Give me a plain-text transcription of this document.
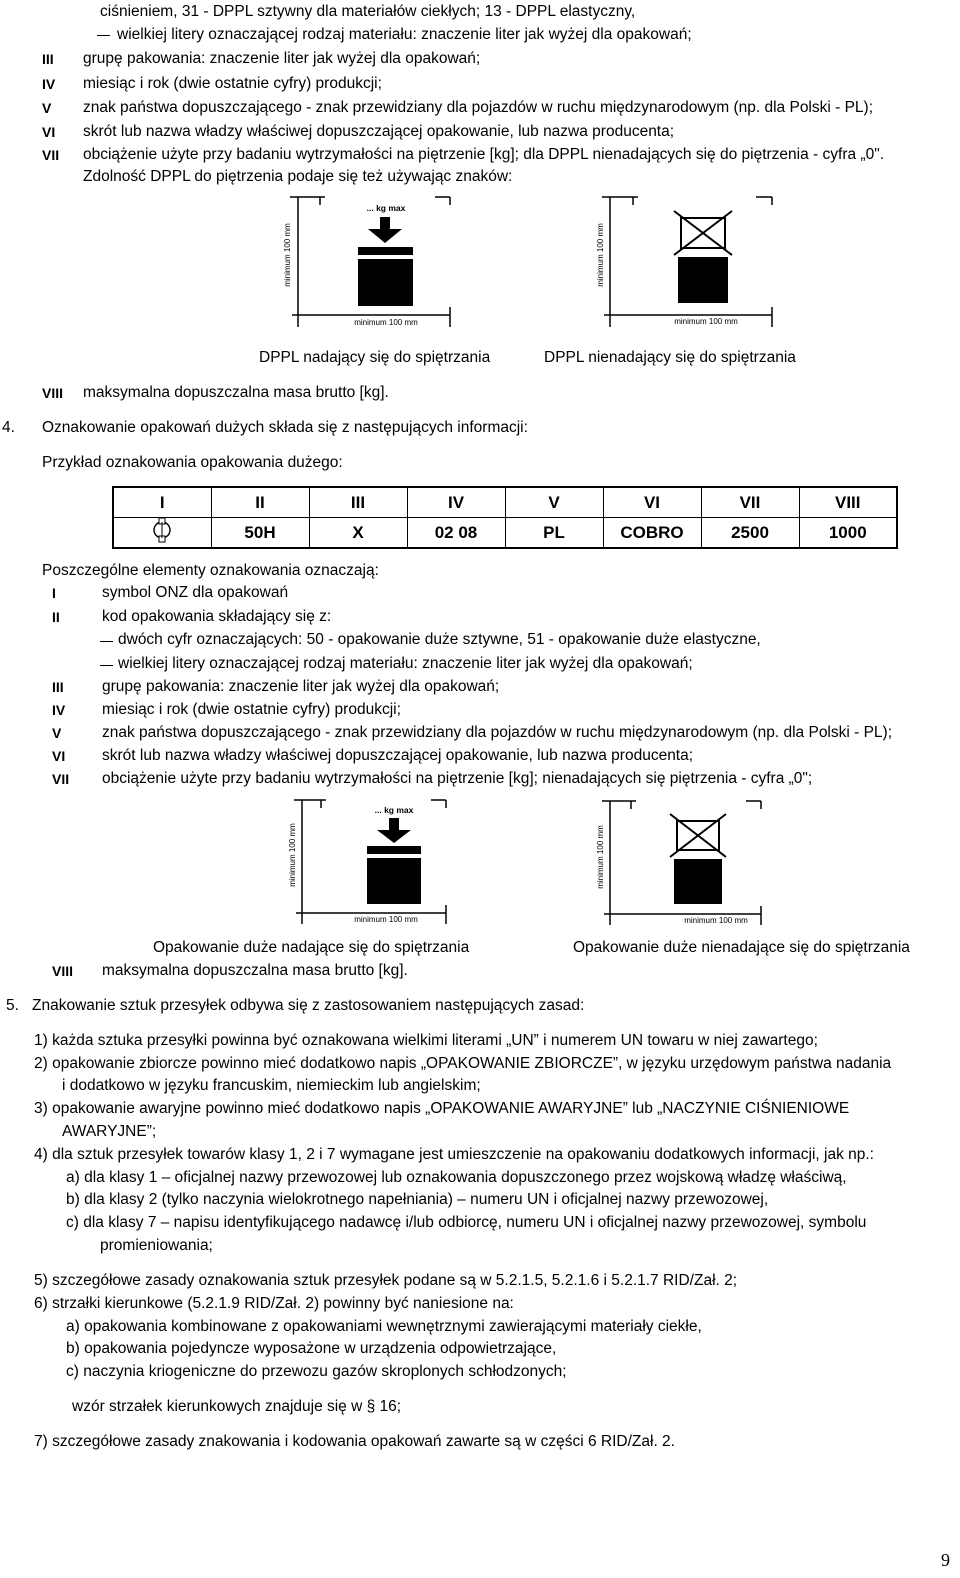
ciśnieniem, 31 - DPPL sztywny dla materiałów ciekłych; 13 - DPPL elastyczny,
wielkiej litery oznaczającej rodzaj materiału: znaczenie liter jak wyżej dla opakowań;
III grupę pakowania: znaczenie liter jak wyżej dla opakowań;
IV miesiąc i rok (dwie ostatnie cyfry) produkcji;
V znak państwa dopuszczającego - znak przewidziany dla pojazdów w ruchu międzynarodowym (np. dla Polski - PL);
VI skrót lub nazwa władzy właściwej dopuszczającej opakowanie, lub nazwa producenta;
VII obciążenie użyte przy badaniu wytrzymałości na piętrzenie [kg]; dla DPPL nienadających się do piętrzenia - cyfra „0".
Zdolność DPPL do piętrzenia podaje się też używając znaków:
... kg max
minimum 100 mm
minimum 100 mm
minimum 100 mm
minimum 100 mm
DPPL nadający się do spiętrzania	DPPL nienadający się do spiętrzania
VIII maksymalna dopuszczalna masa brutto [kg].
4. Oznakowanie opakowań dużych składa się z następujących informacji:
Przykład oznakowania opakowania dużego:
I	II	III	IV	V	VI	VII	VIII
	50H	X	02 08	PL	COBRO	2500	1000
Poszczególne elementy oznakowania oznaczają:
I	symbol ONZ dla opakowań
II	kod opakowania składający się z:
dwóch cyfr oznaczających: 50 - opakowanie duże sztywne, 51 - opakowanie duże elastyczne,
wielkiej litery oznaczającej rodzaj materiału: znaczenie liter jak wyżej dla opakowań;
III grupę pakowania: znaczenie liter jak wyżej dla opakowań;
IV miesiąc i rok (dwie ostatnie cyfry) produkcji;
V	znak państwa dopuszczającego - znak przewidziany dla pojazdów w ruchu międzynarodowym (np. dla Polski - PL);
VI skrót lub nazwa władzy właściwej dopuszczającej opakowanie, lub nazwa producenta;
VII obciążenie użyte przy badaniu wytrzymałości na piętrzenie [kg]; nienadających się piętrzenia - cyfra „0";
... kg max
minimum 100 mm
minimum 100 mm
minimum 100 mm
minimum 100 mm
Opakowanie duże nadające się do spiętrzania	Opakowanie duże nienadające się do spiętrzania
VIII maksymalna dopuszczalna masa brutto [kg].
5. Znakowanie sztuk przesyłek odbywa się z zastosowaniem następujących zasad:
1) każda sztuka przesyłki powinna być oznakowana wielkimi literami „UN” i numerem UN towaru w niej zawartego;
2) opakowanie zbiorcze powinno mieć dodatkowo napis „OPAKOWANIE ZBIORCZE”, w języku urzędowym państwa nadania
i dodatkowo w języku francuskim, niemieckim lub angielskim;
3) opakowanie awaryjne powinno mieć dodatkowo napis „OPAKOWANIE AWARYJNE” lub „NACZYNIE CIŚNIENIOWE
AWARYJNE”;
4) dla sztuk przesyłek towarów klasy 1, 2 i 7 wymagane jest umieszczenie na opakowaniu dodatkowych informacji, jak np.:
a) dla klasy 1 – oficjalnej nazwy przewozowej lub oznakowania dopuszczonego przez wojskową władzę właściwą,
b) dla klasy 2 (tylko naczynia wielokrotnego napełniania) – numeru UN i oficjalnej nazwy przewozowej,
c) dla klasy 7 – napisu identyfikującego nadawcę i/lub odbiorcę, numeru UN i oficjalnej nazwy przewozowej, symbolu
promieniowania;
5) szczegółowe zasady oznakowania sztuk przesyłek podane są w 5.2.1.5, 5.2.1.6 i 5.2.1.7 RID/Zał. 2;
6) strzałki kierunkowe (5.2.1.9 RID/Zał. 2) powinny być naniesione na:
a) opakowania kombinowane z opakowaniami wewnętrznymi zawierającymi materiały ciekłe,
b) opakowania pojedyncze wyposażone w urządzenia odpowietrzające,
c) naczynia kriogeniczne do przewozu gazów skroplonych schłodzonych;
wzór strzałek kierunkowych znajduje się w § 16;
7) szczegółowe zasady znakowania i kodowania opakowań zawarte są w części 6 RID/Zał. 2.
9
